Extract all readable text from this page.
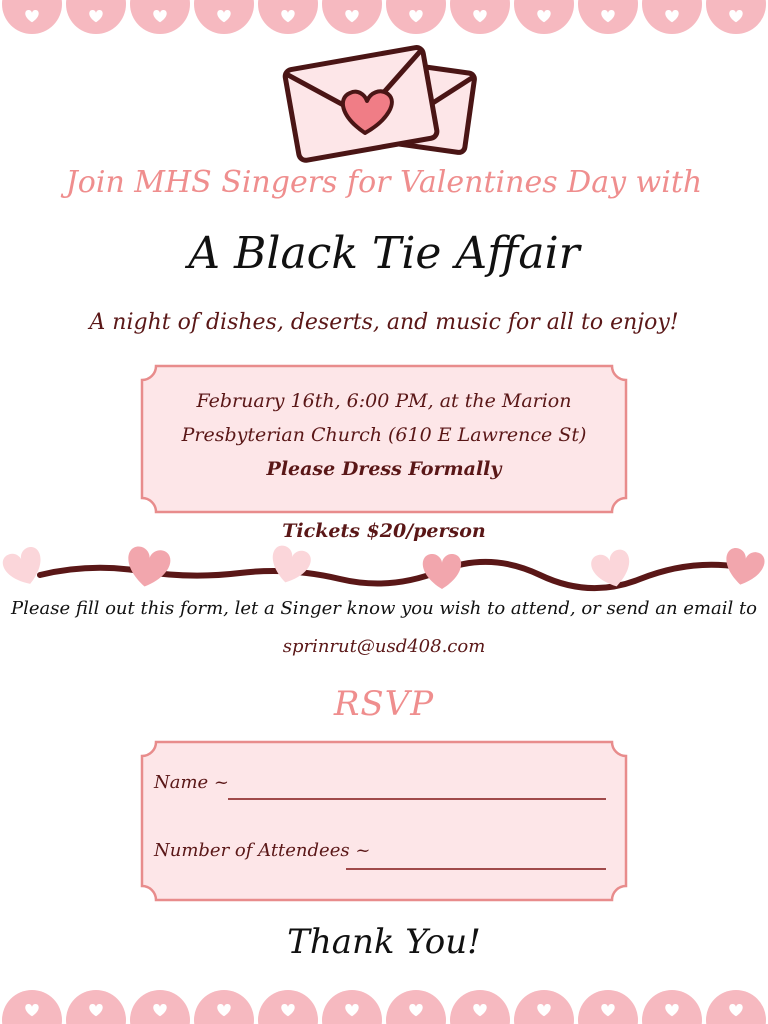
Join MHS Singers for Valentines Day with
A Black Tie Affair
A night of dishes, deserts, and music for all to enjoy!
February 16th, 6:00 PM, at the Marion
Presbyterian Church (610 E Lawrence St)
Please Dress Formally
Tickets $20/person
Please fill out this form, let a Singer know you wish to attend, or send an email to
sprinrut@usd408.com
RSVP
Name ~
Number of Attendees ~
Thank You!
